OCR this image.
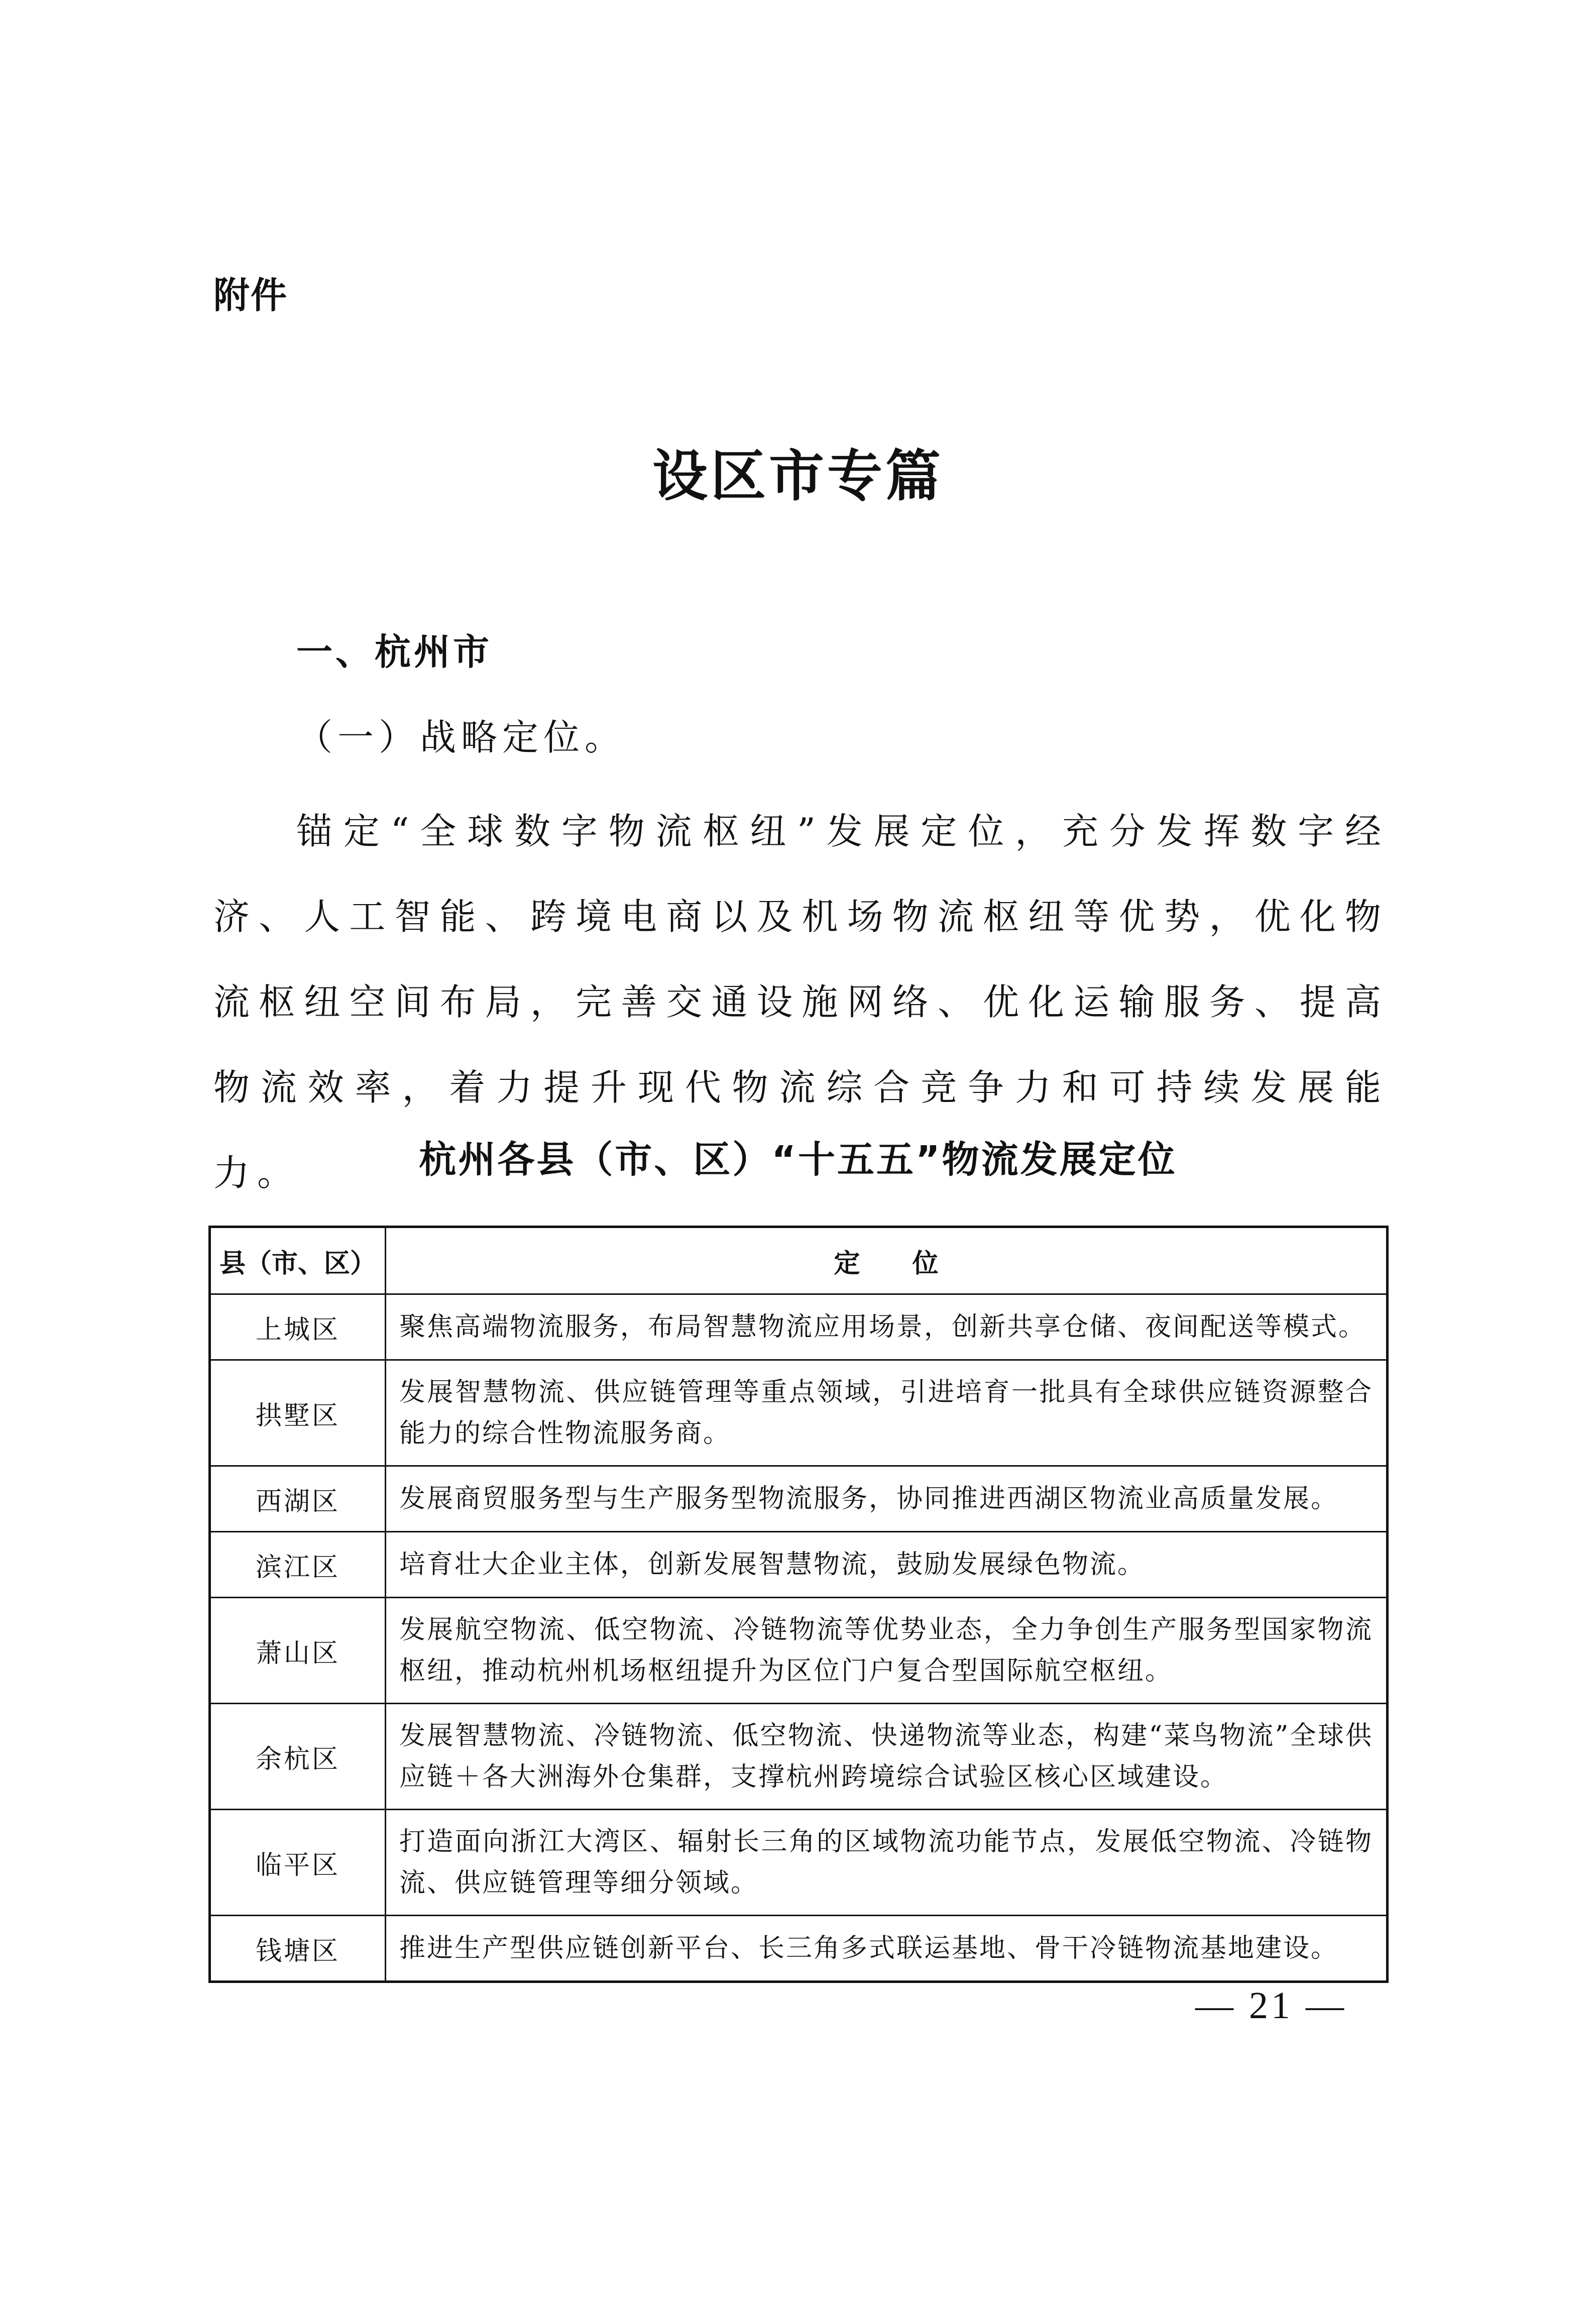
附件
设区市专篇
一、杭州市
（一）战略定位。

锚定“全球数字物流枢纽”发展定位，充分发挥数字经济、人工智能、跨境电商以及机场物流枢纽等优势，优化物流枢纽空间布局，完善交通设施网络、优化运输服务、提高物流效率，着力提升现代物流综合竞争力和可持续发展能力。	杭州各县（市、区）“十五五”物流发展定位
县（市、区）	定　　位
上城区	聚焦高端物流服务，布局智慧物流应用场景，创新共享仓储、夜间配送等模式。
拱墅区	发展智慧物流、供应链管理等重点领域，引进培育一批具有全球供应链资源整合能力的综合性物流服务商。
西湖区	发展商贸服务型与生产服务型物流服务，协同推进西湖区物流业高质量发展。
滨江区	培育壮大企业主体，创新发展智慧物流，鼓励发展绿色物流。
萧山区	发展航空物流、低空物流、冷链物流等优势业态，全力争创生产服务型国家物流枢纽，推动杭州机场枢纽提升为区位门户复合型国际航空枢纽。
余杭区	发展智慧物流、冷链物流、低空物流、快递物流等业态，构建“菜鸟物流”全球供应链＋各大洲海外仓集群，支撑杭州跨境综合试验区核心区域建设。
临平区	打造面向浙江大湾区、辐射长三角的区域物流功能节点，发展低空物流、冷链物流、供应链管理等细分领域。
钱塘区	推进生产型供应链创新平台、长三角多式联运基地、骨干冷链物流基地建设。
— 21 —
